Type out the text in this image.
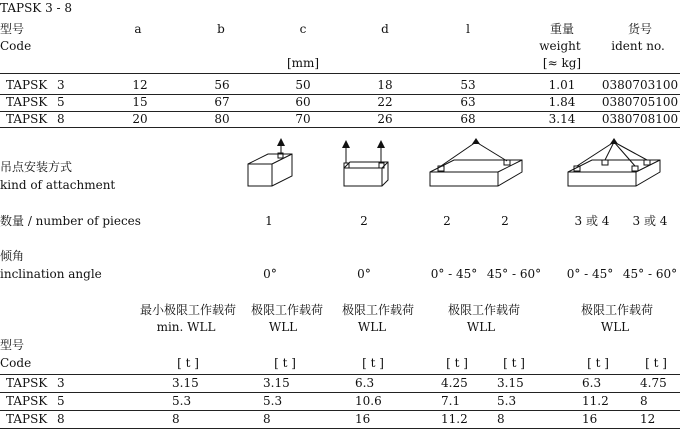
TAPSK 3 - 8
型号
Code
a	b	c	d	l	重量
weight
[≈ kg]
货号
ident no.
[mm]
TAPSK 3	12	56	50	18	53	1.01 0380703100
TAPSK 5	15	67	60	22	63	1.84 0380705100
TAPSK 8	20	80	70	26	68	3.14 0380708100
吊点安装方式
kind of attachment
数量 / number of pieces	1	2	2	2	3 或 4 3 或 4
倾角
inclination angle	0°	0°	0° - 45° 45° - 60° 0° - 45° 45° - 60°
最小极限工作载荷
min. WLL
极限工作载荷
WLL
极限工作载荷
WLL
极限工作载荷
WLL
极限工作载荷
WLL
型号
Code	[ t ]	[ t ]	[ t ]	[ t ]	[ t ]	[ t ]	[ t ]
TAPSK 3	3.15	3.15	6.3	4.25 3.15	6.3	4.75
TAPSK 5	5.3	5.3	10.6	7.1	5.3	11.2	8
TAPSK 8	8	8	16	11.2 8	16	12
